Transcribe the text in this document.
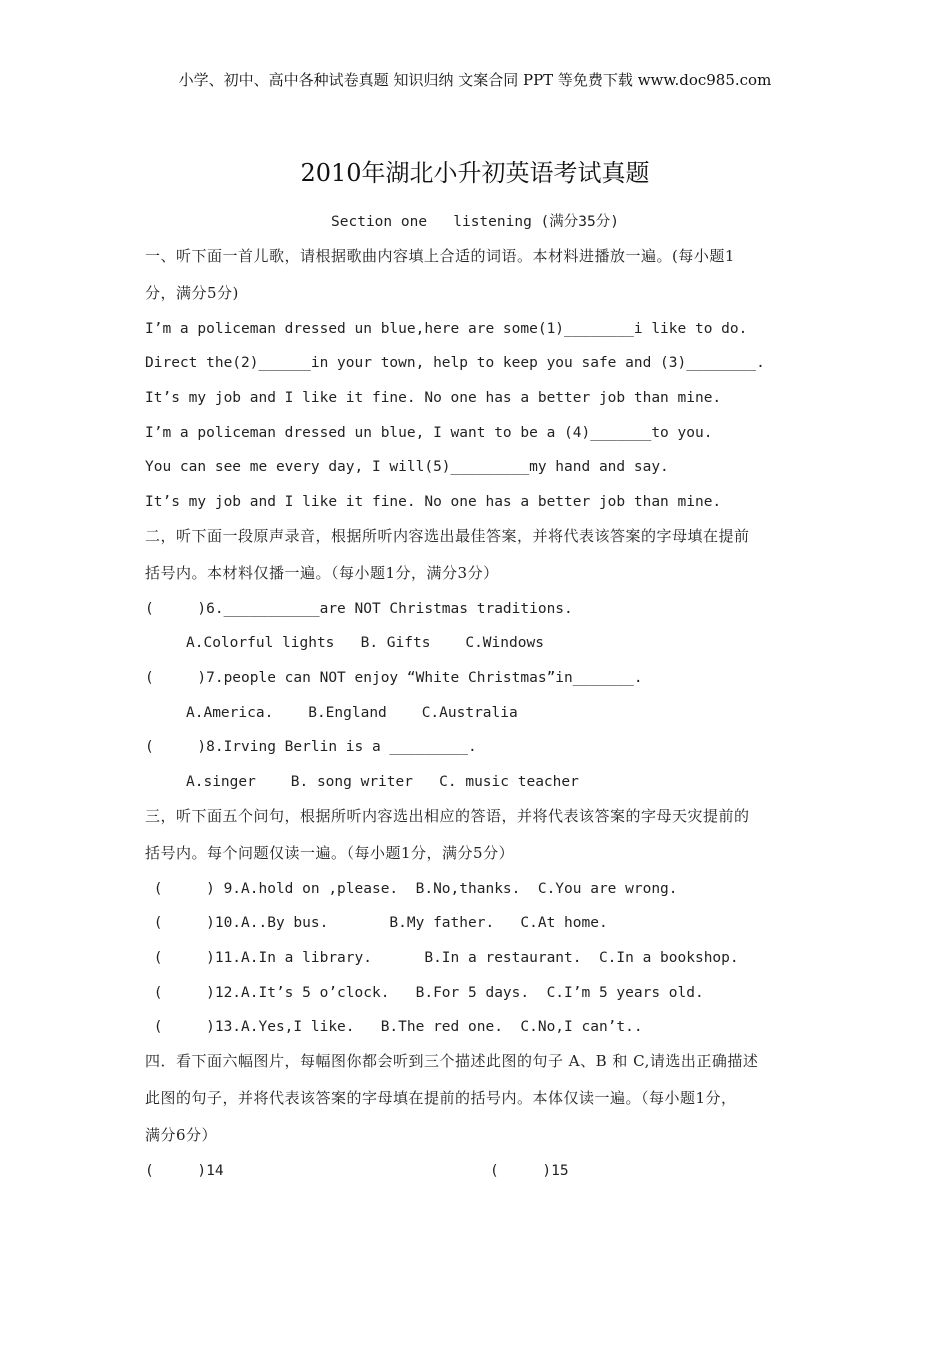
小学、初中、高中各种试卷真题 知识归纳 文案合同 PPT 等免费下载 www.doc985.com
2010年湖北小升初英语考试真题
Section one   listening (满分35分)
一、听下面一首儿歌，请根据歌曲内容填上合适的词语。本材料进播放一遍。(每小题1
分，满分5分)
I’m a policeman dressed un blue,here are some(1)________i like to do.
Direct the(2)______in your town, help to keep you safe and (3)________.
It’s my job and I like it fine. No one has a better job than mine.
I’m a policeman dressed un blue, I want to be a (4)_______to you.
You can see me every day, I will(5)_________my hand and say.
It’s my job and I like it fine. No one has a better job than mine.
二，听下面一段原声录音，根据所听内容选出最佳答案，并将代表该答案的字母填在提前
括号内。本材料仅播一遍。（每小题1分，满分3分）
(     )6.___________are NOT Christmas traditions.
A.Colorful lights   B. Gifts    C.Windows
(     )7.people can NOT enjoy “White Christmas”in_______.
A.America.    B.England    C.Australia
(     )8.Irving Berlin is a _________.
A.singer    B. song writer   C. music teacher
三，听下面五个问句，根据所听内容选出相应的答语，并将代表该答案的字母天灾提前的
括号内。每个问题仅读一遍。（每小题1分，满分5分）
(     ) 9.A.hold on ,please.  B.No,thanks.  C.You are wrong.
(     )10.A..By bus.       B.My father.   C.At home.
(     )11.A.In a library.      B.In a restaurant.  C.In a bookshop.
(     )12.A.It’s 5 o’clock.   B.For 5 days.  C.I’m 5 years old.
(     )13.A.Yes,I like.   B.The red one.  C.No,I can’t..
四．看下面六幅图片，每幅图你都会听到三个描述此图的句子 A、B 和 C,请选出正确描述
此图的句子，并将代表该答案的字母填在提前的括号内。本体仅读一遍。（每小题1分，
满分6分）
(     )14	(     )15
